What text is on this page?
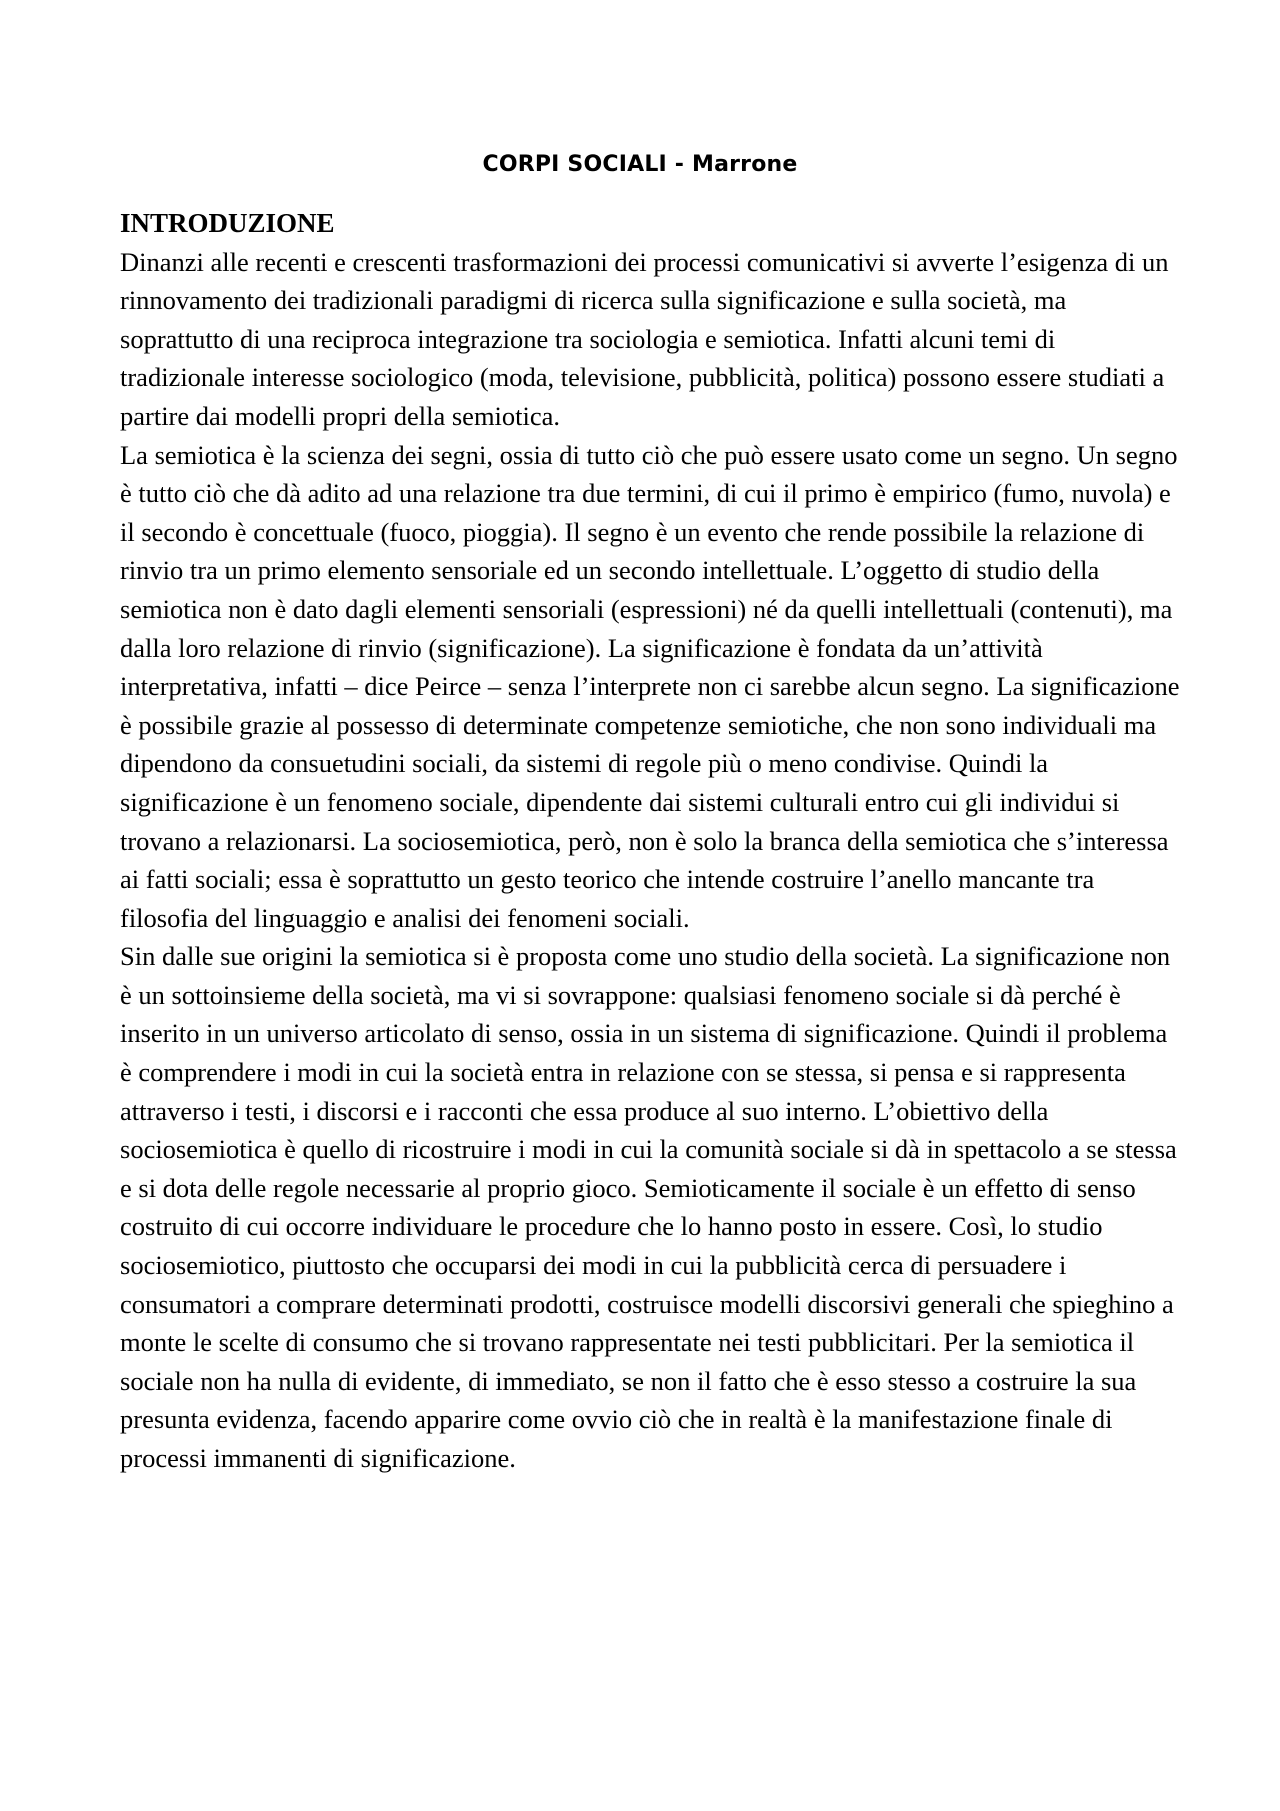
CORPI SOCIALI - Marrone
INTRODUZIONE

Dinanzi alle recenti e crescenti trasformazioni dei processi comunicativi si avverte l’esigenza di un rinnovamento dei tradizionali paradigmi di ricerca sulla significazione e sulla società, ma soprattutto di una reciproca integrazione tra sociologia e semiotica. Infatti alcuni temi di tradizionale interesse sociologico (moda, televisione, pubblicità, politica) possono essere studiati a partire dai modelli propri della semiotica.

La semiotica è la scienza dei segni, ossia di tutto ciò che può essere usato come un segno. Un segno è tutto ciò che dà adito ad una relazione tra due termini, di cui il primo è empirico (fumo, nuvola) e il secondo è concettuale (fuoco, pioggia). Il segno è un evento che rende possibile la relazione di rinvio tra un primo elemento sensoriale ed un secondo intellettuale. L’oggetto di studio della semiotica non è dato dagli elementi sensoriali (espressioni) né da quelli intellettuali (contenuti), ma dalla loro relazione di rinvio (significazione). La significazione è fondata da un’attività interpretativa, infatti – dice Peirce – senza l’interprete non ci sarebbe alcun segno. La significazione è possibile grazie al possesso di determinate competenze semiotiche, che non sono individuali ma dipendono da consuetudini sociali, da sistemi di regole più o meno condivise. Quindi la significazione è un fenomeno sociale, dipendente dai sistemi culturali entro cui gli individui si trovano a relazionarsi. La sociosemiotica, però, non è solo la branca della semiotica che s’interessa ai fatti sociali; essa è soprattutto un gesto teorico che intende costruire l’anello mancante tra filosofia del linguaggio e analisi dei fenomeni sociali.

Sin dalle sue origini la semiotica si è proposta come uno studio della società. La significazione non è un sottoinsieme della società, ma vi si sovrappone: qualsiasi fenomeno sociale si dà perché è inserito in un universo articolato di senso, ossia in un sistema di significazione. Quindi il problema è comprendere i modi in cui la società entra in relazione con se stessa, si pensa e si rappresenta attraverso i testi, i discorsi e i racconti che essa produce al suo interno. L’obiettivo della sociosemiotica è quello di ricostruire i modi in cui la comunità sociale si dà in spettacolo a se stessa e si dota delle regole necessarie al proprio gioco. Semioticamente il sociale è un effetto di senso costruito di cui occorre individuare le procedure che lo hanno posto in essere. Così, lo studio sociosemiotico, piuttosto che occuparsi dei modi in cui la pubblicità cerca di persuadere i consumatori a comprare determinati prodotti, costruisce modelli discorsivi generali che spieghino a monte le scelte di consumo che si trovano rappresentate nei testi pubblicitari. Per la semiotica il sociale non ha nulla di evidente, di immediato, se non il fatto che è esso stesso a costruire la sua presunta evidenza, facendo apparire come ovvio ciò che in realtà è la manifestazione finale di processi immanenti di significazione.
